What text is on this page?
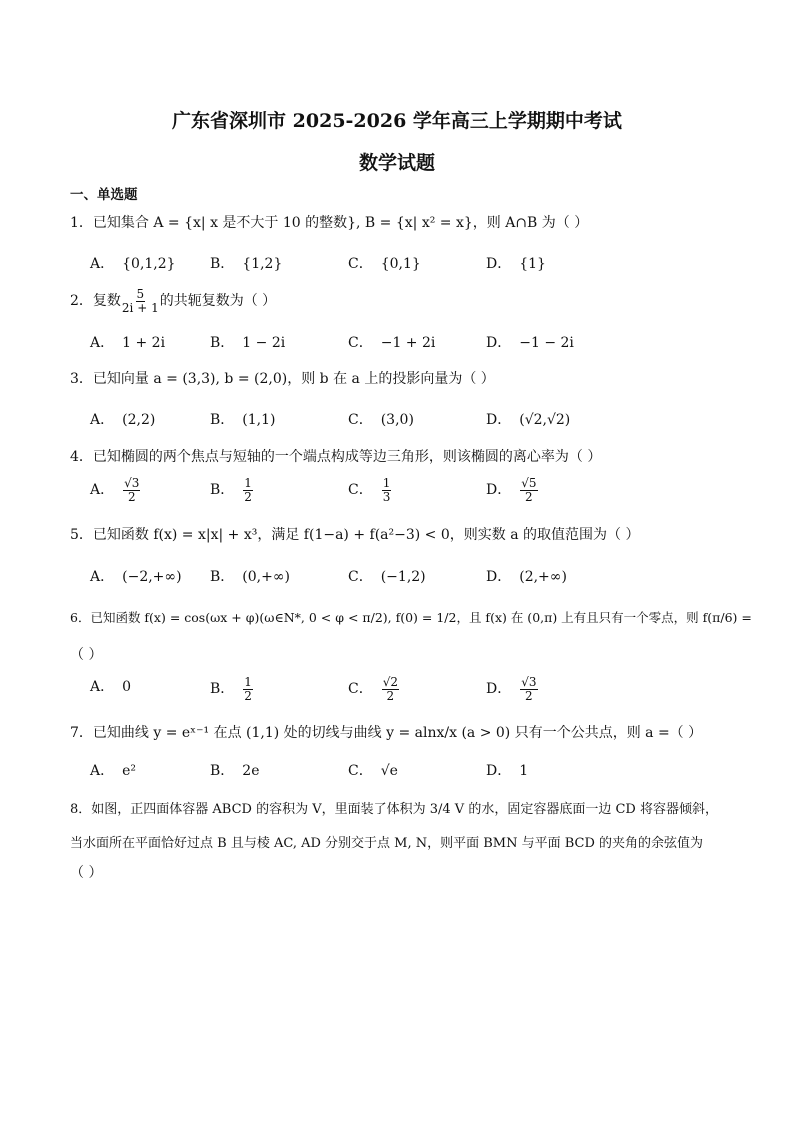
广东省深圳市 2025-2026 学年高三上学期期中考试
数学试题
一、单选题
1．已知集合 A = {x| x 是不大于 10 的整数}, B = {x| x² = x}，则 A∩B 为（ ）
A． {0,1,2} B． {1,2}	C． {0,1}	D． {1}
2．复数 $\frac{5}{2i + 1}$ 的共轭复数为（ ）
A． 1 + 2i	B． 1 − 2i	C． −1 + 2i	D． −1 − 2i
3．已知向量 a = (3,3), b = (2,0)，则 b 在 a 上的投影向量为（ ）
A． (2,2)	B． (1,1)	C． (3,0)	D． (√2,√2)
4．已知椭圆的两个焦点与短轴的一个端点构成等边三角形，则该椭圆的离心率为（ ）
A． $\frac{√3}{2}$	B． $\frac{1}{2}$	C． $\frac{1}{3}$	D． $\frac{√5}{2}$
5．已知函数 f(x) = x|x| + x³，满足 f(1−a) + f(a²−3) < 0，则实数 a 的取值范围为（ ）
A． (−2,+∞) B． (0,+∞)	C． (−1,2)	D． (2,+∞)
6．已知函数 f(x) = cos(ωx + φ)(ω∈N*, 0 < φ < π/2), f(0) = 1/2，且 f(x) 在 (0,π) 上有且只有一个零点，则 f(π/6) =
（ ）
A． 0	B． $\frac{1}{2}$	C． $\frac{√2}{2}$	D． $\frac{√3}{2}$
7．已知曲线 y = eˣ⁻¹ 在点 (1,1) 处的切线与曲线 y = alnx/x (a > 0) 只有一个公共点，则 a =（ ）
A． e²	B． 2e	C． √e	D． 1
8．如图，正四面体容器 ABCD 的容积为 V，里面装了体积为 3/4 V 的水，固定容器底面一边 CD 将容器倾斜，
当水面所在平面恰好过点 B 且与棱 AC, AD 分别交于点 M, N，则平面 BMN 与平面 BCD 的夹角的余弦值为
（ ）
